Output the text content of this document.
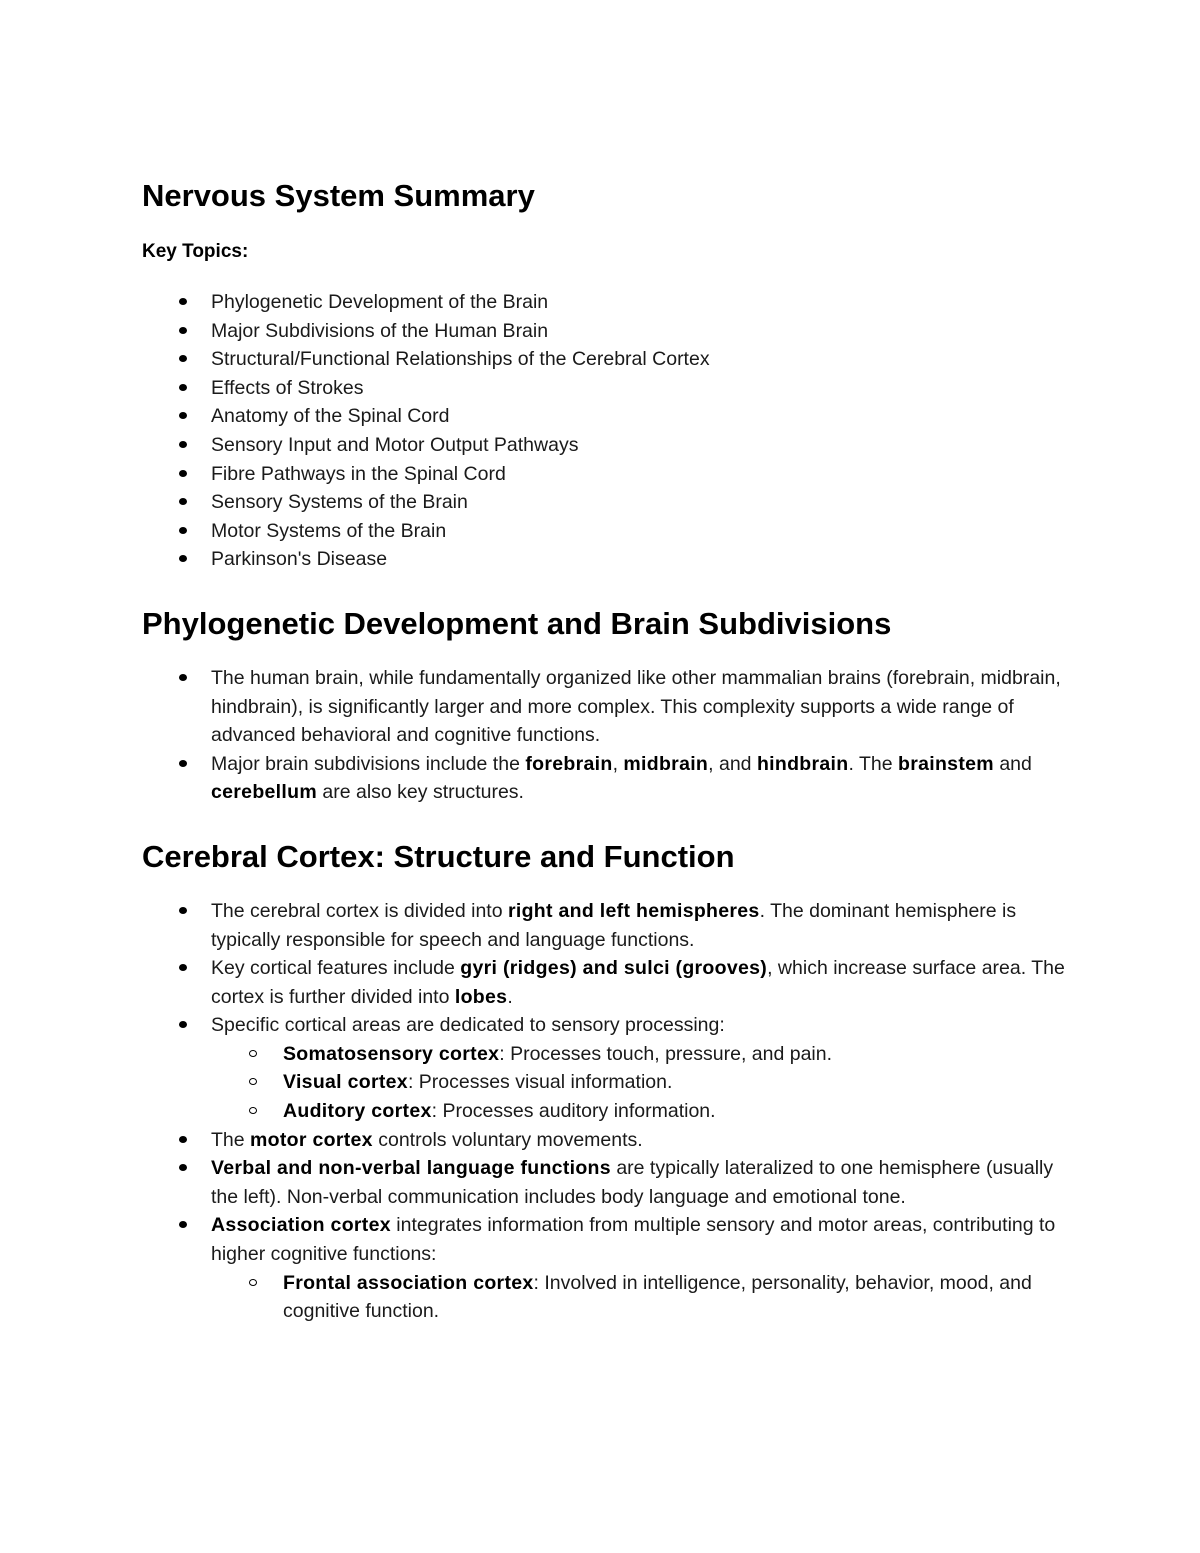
Nervous System Summary
Key Topics:
Phylogenetic Development of the Brain
Major Subdivisions of the Human Brain
Structural/Functional Relationships of the Cerebral Cortex
Effects of Strokes
Anatomy of the Spinal Cord
Sensory Input and Motor Output Pathways
Fibre Pathways in the Spinal Cord
Sensory Systems of the Brain
Motor Systems of the Brain
Parkinson's Disease
Phylogenetic Development and Brain Subdivisions
The human brain, while fundamentally organized like other mammalian brains (forebrain, midbrain, hindbrain), is significantly larger and more complex. This complexity supports a wide range of advanced behavioral and cognitive functions.
Major brain subdivisions include the forebrain, midbrain, and hindbrain. The brainstem and cerebellum are also key structures.
Cerebral Cortex: Structure and Function
The cerebral cortex is divided into right and left hemispheres. The dominant hemisphere is typically responsible for speech and language functions.
Key cortical features include gyri (ridges) and sulci (grooves), which increase surface area. The cortex is further divided into lobes.
Specific cortical areas are dedicated to sensory processing:
Somatosensory cortex: Processes touch, pressure, and pain.
Visual cortex: Processes visual information.
Auditory cortex: Processes auditory information.
The motor cortex controls voluntary movements.
Verbal and non-verbal language functions are typically lateralized to one hemisphere (usually the left). Non-verbal communication includes body language and emotional tone.
Association cortex integrates information from multiple sensory and motor areas, contributing to higher cognitive functions:
Frontal association cortex: Involved in intelligence, personality, behavior, mood, and cognitive function.
